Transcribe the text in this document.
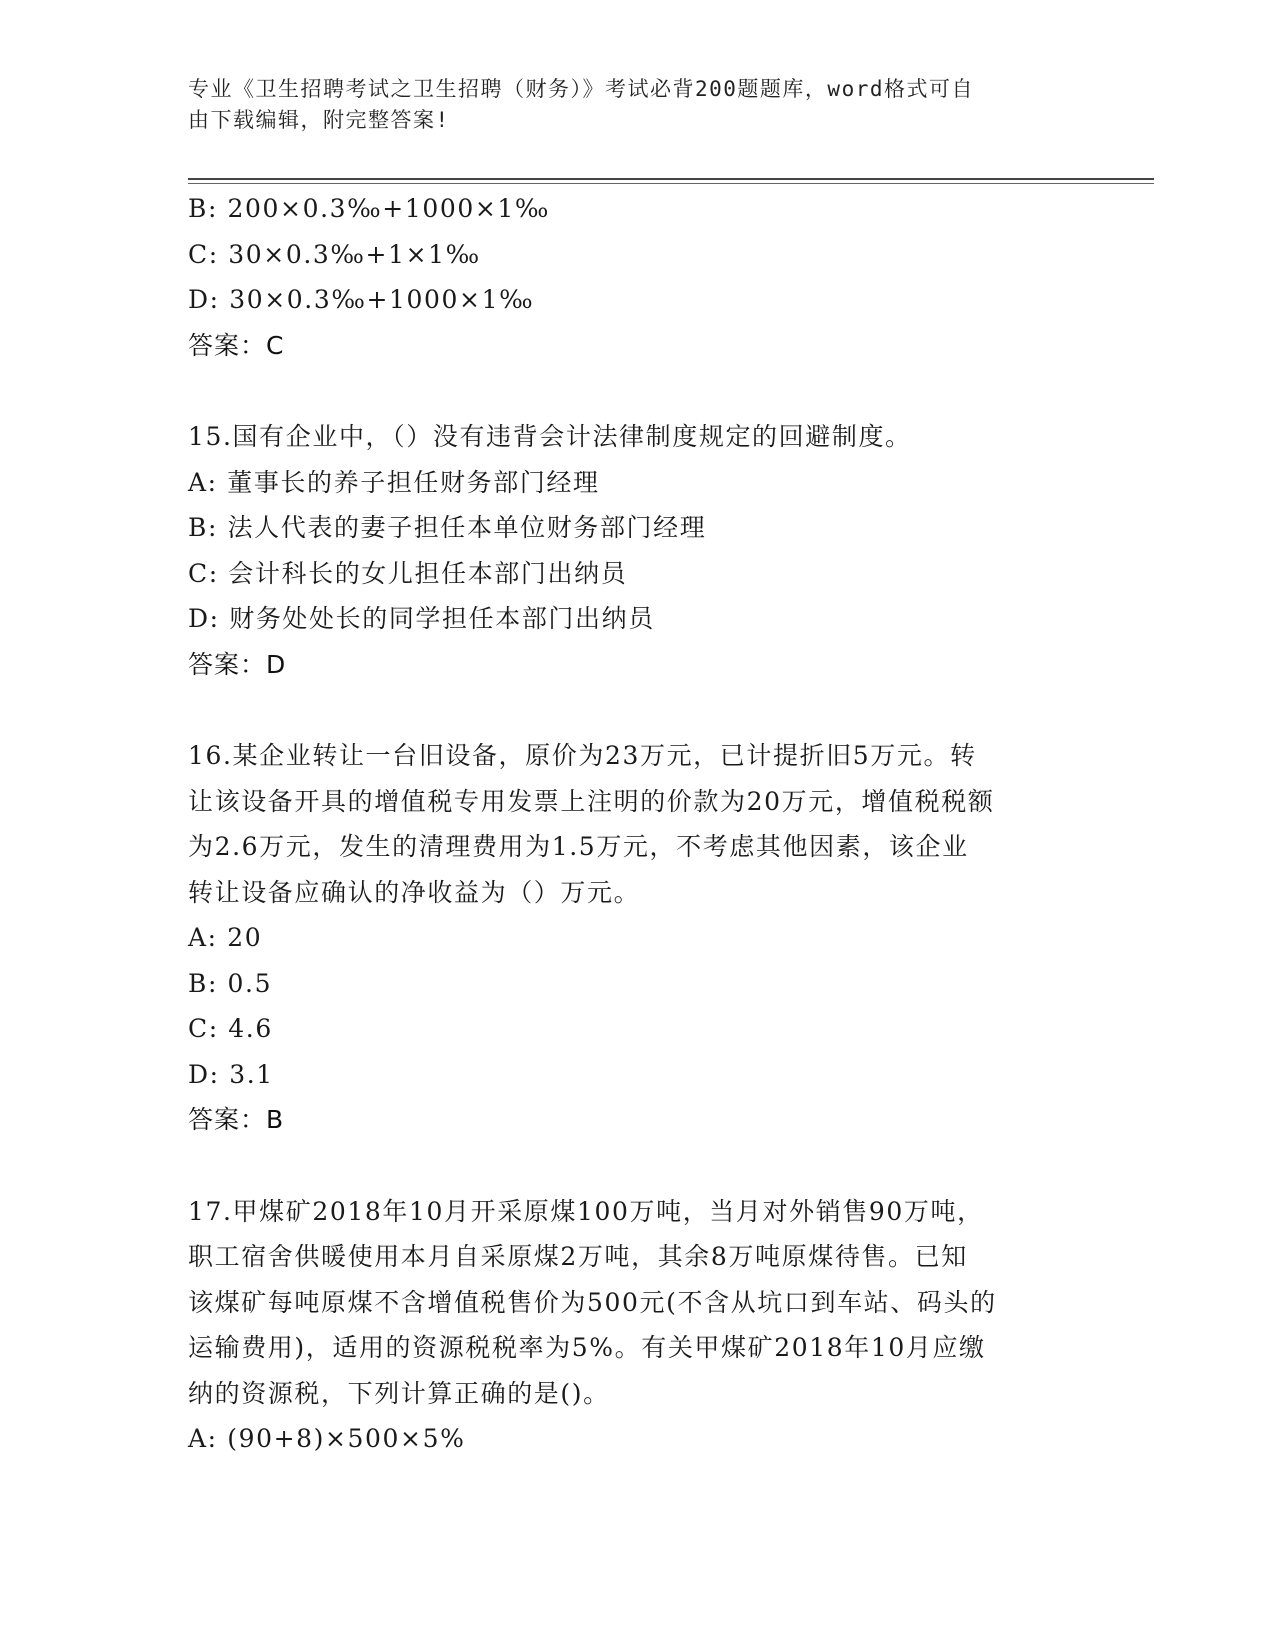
专业《卫生招聘考试之卫生招聘（财务）》考试必背200题题库，word格式可自
由下载编辑，附完整答案!
B: 200×0.3‰+1000×1‰
C: 30×0.3‰+1×1‰
D: 30×0.3‰+1000×1‰
答案：C
15.国有企业中，（）没有违背会计法律制度规定的回避制度。
A: 董事长的养子担任财务部门经理
B: 法人代表的妻子担任本单位财务部门经理
C: 会计科长的女儿担任本部门出纳员
D: 财务处处长的同学担任本部门出纳员
答案：D
16.某企业转让一台旧设备，原价为23万元，已计提折旧5万元。转
让该设备开具的增值税专用发票上注明的价款为20万元，增值税税额
为2.6万元，发生的清理费用为1.5万元，不考虑其他因素，该企业
转让设备应确认的净收益为（）万元。
A: 20
B: 0.5
C: 4.6
D: 3.1
答案：B
17.甲煤矿2018年10月开采原煤100万吨，当月对外销售90万吨，
职工宿舍供暖使用本月自采原煤2万吨，其余8万吨原煤待售。已知
该煤矿每吨原煤不含增值税售价为500元(不含从坑口到车站、码头的
运输费用)，适用的资源税税率为5%。有关甲煤矿2018年10月应缴
纳的资源税，下列计算正确的是()。
A: (90+8)×500×5%
